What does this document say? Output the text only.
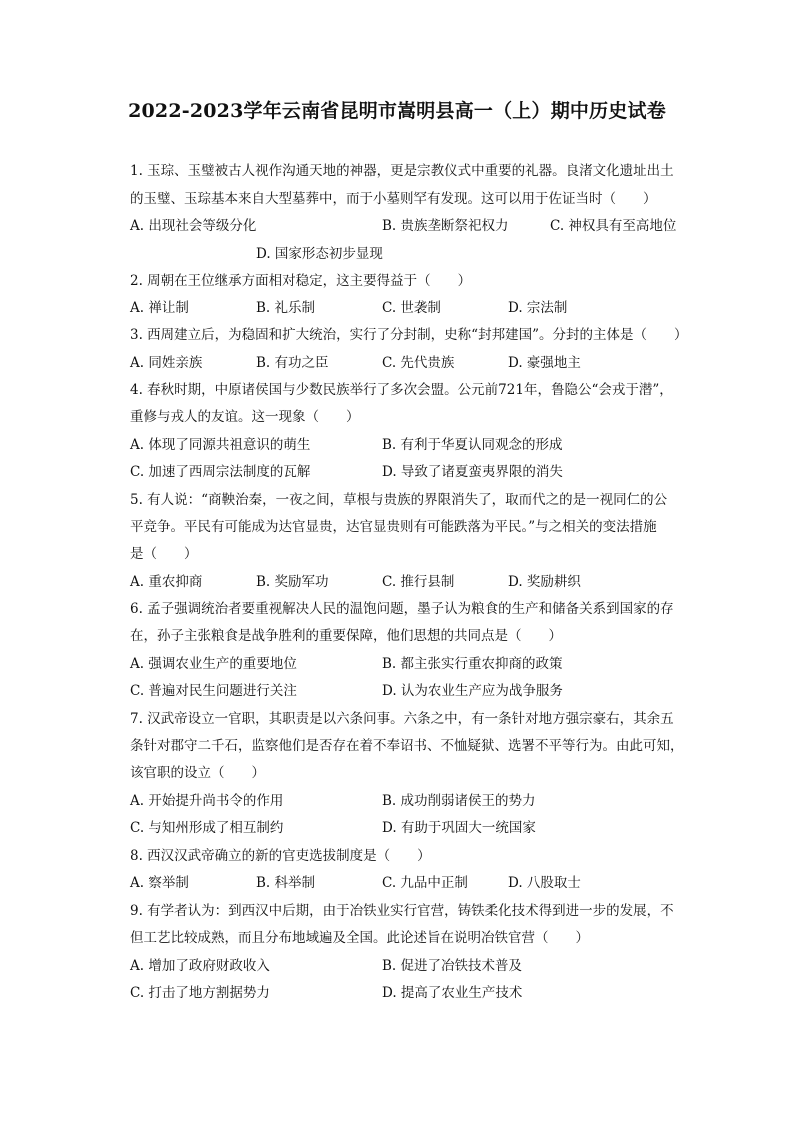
2022-2023学年云南省昆明市嵩明县高一（上）期中历史试卷
1. 玉琮、玉璧被古人视作沟通天地的神器，更是宗教仪式中重要的礼器。良渚文化遗址出土
的玉璧、玉琮基本来自大型墓葬中，而于小墓则罕有发现。这可以用于佐证当时（　　）
A. 出现社会等级分化	B. 贵族垄断祭祀权力	C. 神权具有至高地位
D. 国家形态初步显现
2. 周朝在王位继承方面相对稳定，这主要得益于（　　）
A. 禅让制	B. 礼乐制	C. 世袭制	D. 宗法制
3. 西周建立后，为稳固和扩大统治，实行了分封制，史称“封邦建国”。分封的主体是（　　）
A. 同姓亲族	B. 有功之臣	C. 先代贵族	D. 豪强地主
4. 春秋时期，中原诸侯国与少数民族举行了多次会盟。公元前721年，鲁隐公“会戎于潜”，
重修与戎人的友谊。这一现象（　　）
A. 体现了同源共祖意识的萌生	B. 有利于华夏认同观念的形成
C. 加速了西周宗法制度的瓦解	D. 导致了诸夏蛮夷界限的消失
5. 有人说：“商鞅治秦，一夜之间，草根与贵族的界限消失了，取而代之的是一视同仁的公
平竞争。平民有可能成为达官显贵，达官显贵则有可能跌落为平民。”与之相关的变法措施
是（　　）
A. 重农抑商	B. 奖励军功	C. 推行县制	D. 奖励耕织
6. 孟子强调统治者要重视解决人民的温饱问题，墨子认为粮食的生产和储备关系到国家的存
在，孙子主张粮食是战争胜利的重要保障，他们思想的共同点是（　　）
A. 强调农业生产的重要地位	B. 都主张实行重农抑商的政策
C. 普遍对民生问题进行关注	D. 认为农业生产应为战争服务
7. 汉武帝设立一官职，其职责是以六条问事。六条之中，有一条针对地方强宗豪右，其余五
条针对郡守二千石，监察他们是否存在着不奉诏书、不恤疑狱、选署不平等行为。由此可知，
该官职的设立（　　）
A. 开始提升尚书令的作用	B. 成功削弱诸侯王的势力
C. 与知州形成了相互制约	D. 有助于巩固大一统国家
8. 西汉汉武帝确立的新的官吏选拔制度是（　　）
A. 察举制	B. 科举制	C. 九品中正制	D. 八股取士
9. 有学者认为：到西汉中后期，由于冶铁业实行官营，铸铁柔化技术得到进一步的发展，不
但工艺比较成熟，而且分布地域遍及全国。此论述旨在说明冶铁官营（　　）
A. 增加了政府财政收入	B. 促进了冶铁技术普及
C. 打击了地方割据势力	D. 提高了农业生产技术
